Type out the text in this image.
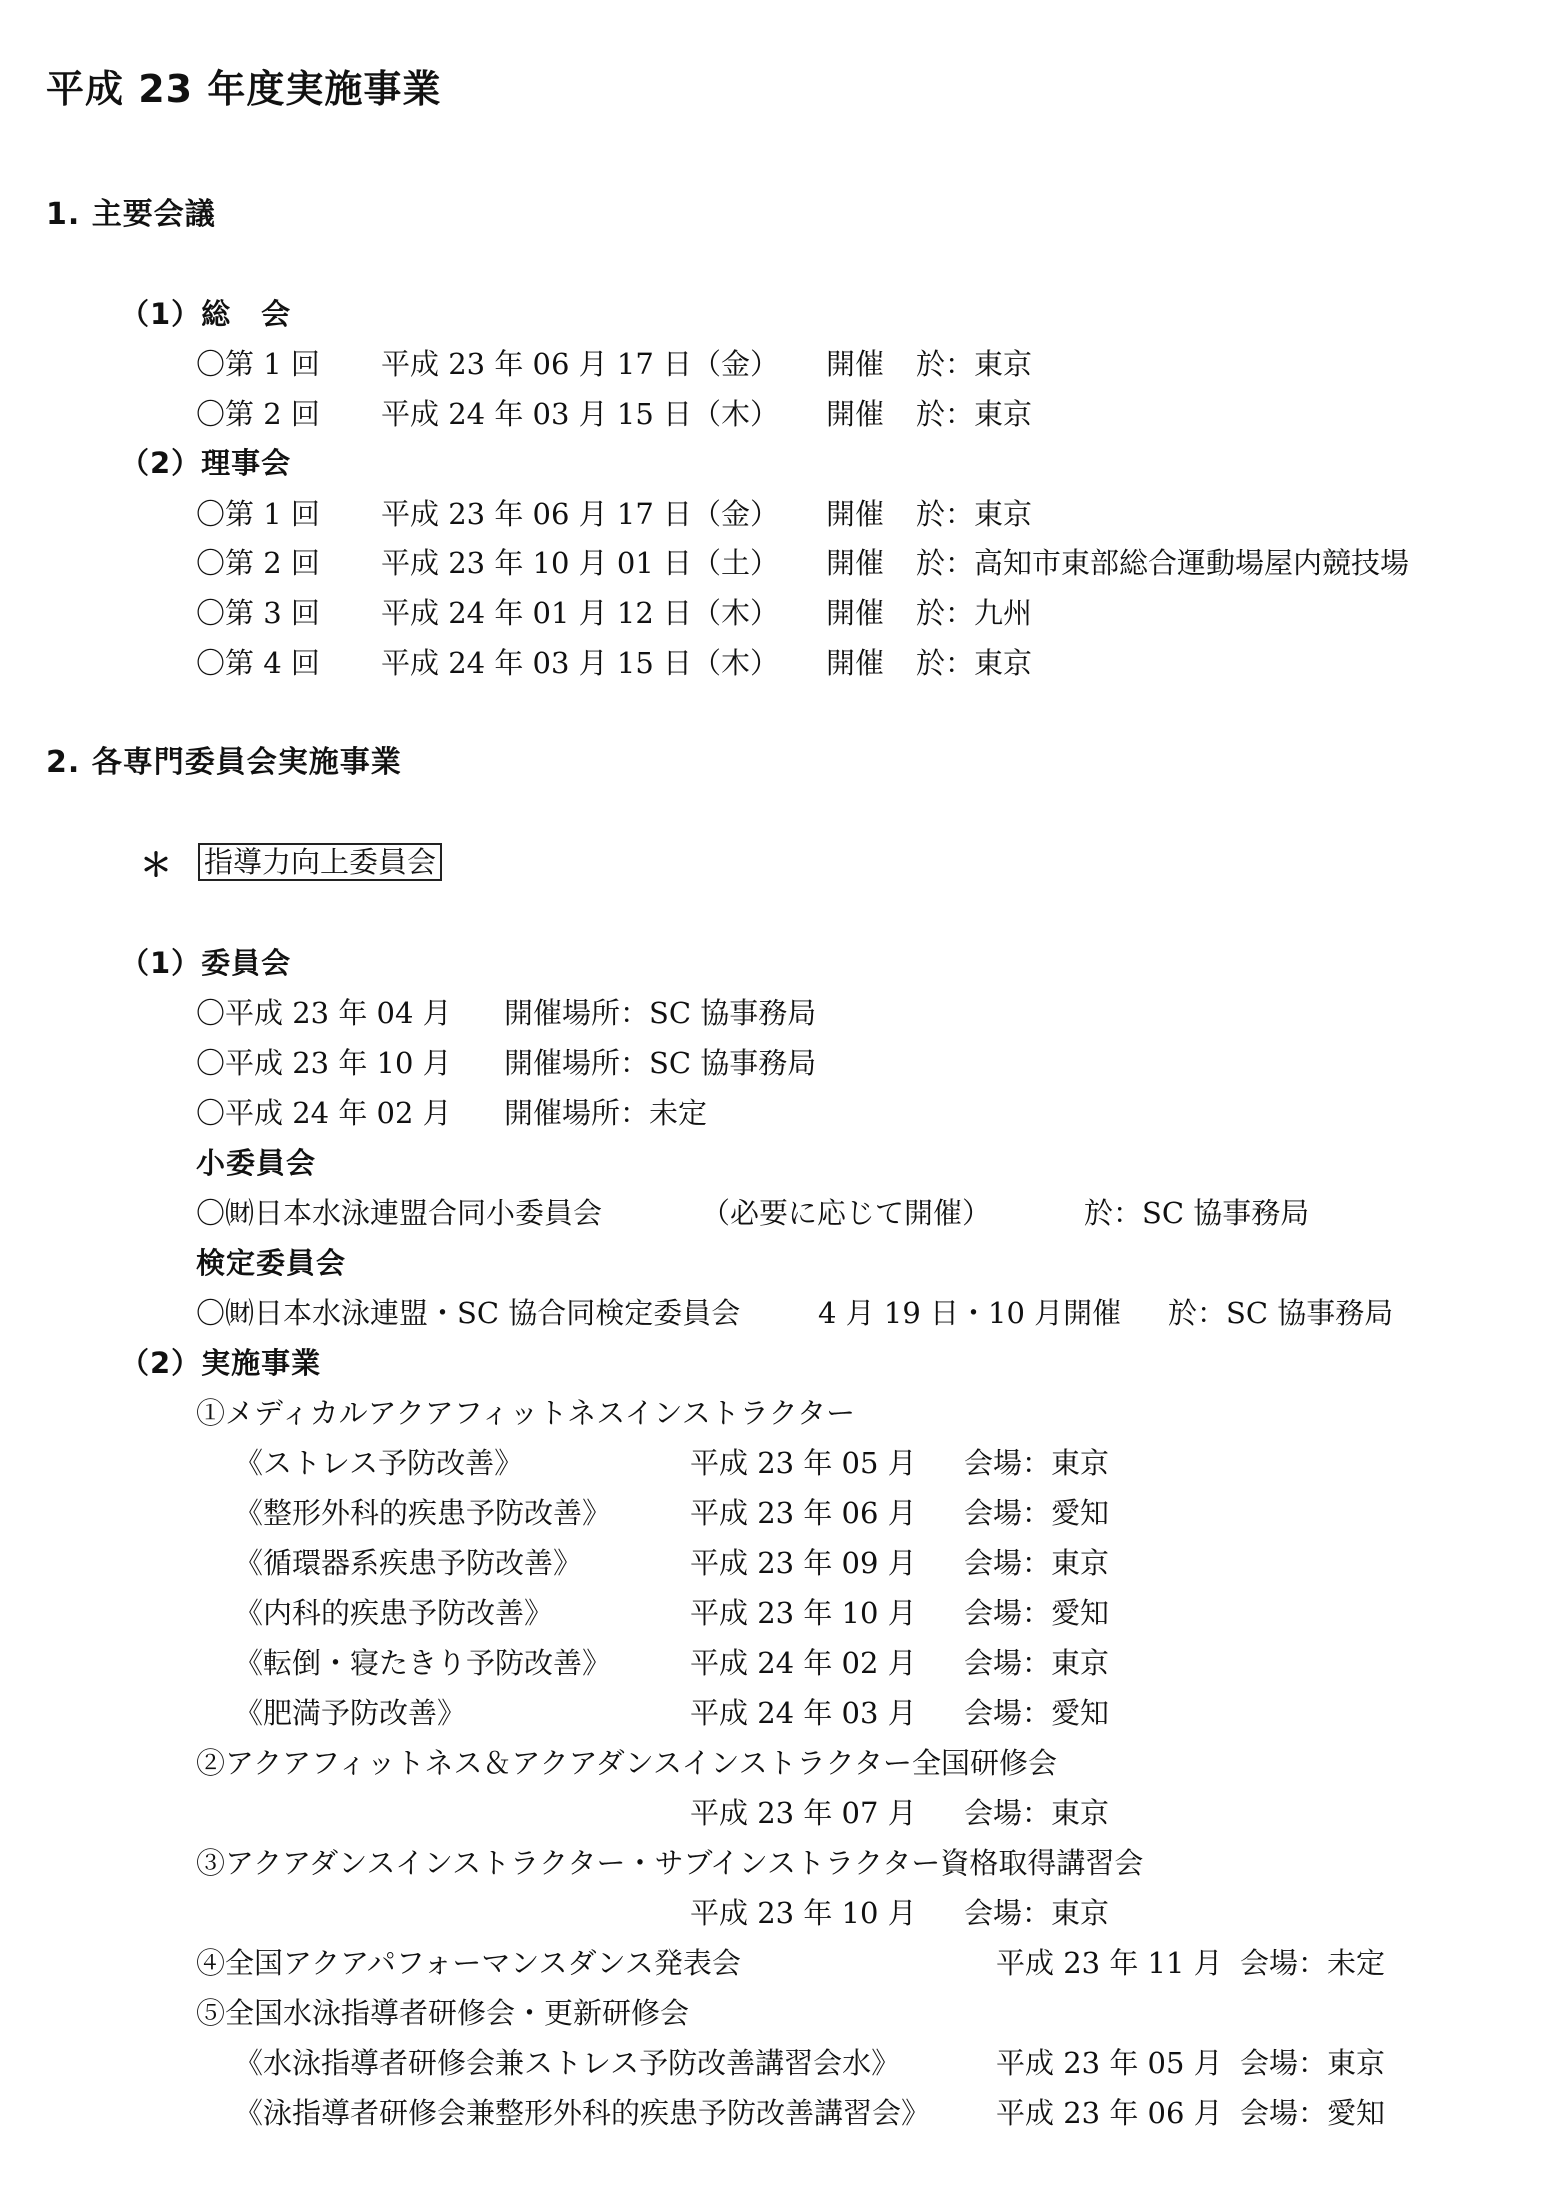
平成 23 年度実施事業
1. 主要会議
（1）総　会
〇第 1 回 平成 23 年 06 月 17 日（金） 開催 於：東京
〇第 2 回 平成 24 年 03 月 15 日（木） 開催 於：東京
（2）理事会
〇第 1 回 平成 23 年 06 月 17 日（金） 開催 於：東京
〇第 2 回 平成 23 年 10 月 01 日（土） 開催 於：高知市東部総合運動場屋内競技場
〇第 3 回 平成 24 年 01 月 12 日（木） 開催 於：九州
〇第 4 回 平成 24 年 03 月 15 日（木） 開催 於：東京
2. 各専門委員会実施事業
＊ 指導力向上委員会
（1）委員会
〇平成 23 年 04 月 開催場所：SC 協事務局
〇平成 23 年 10 月 開催場所：SC 協事務局
〇平成 24 年 02 月 開催場所：未定
小委員会
〇㈶日本水泳連盟合同小委員会	（必要に応じて開催）	於：SC 協事務局
検定委員会
〇㈶日本水泳連盟・SC 協合同検定委員会	4 月 19 日・10 月開催 於：SC 協事務局
（2）実施事業
①メディカルアクアフィットネスインストラクター
《ストレス予防改善》	平成 23 年 05 月 会場：東京
《整形外科的疾患予防改善》	平成 23 年 06 月 会場：愛知
《循環器系疾患予防改善》	平成 23 年 09 月 会場：東京
《内科的疾患予防改善》	平成 23 年 10 月 会場：愛知
《転倒・寝たきり予防改善》	平成 24 年 02 月 会場：東京
《肥満予防改善》	平成 24 年 03 月 会場：愛知
②アクアフィットネス＆アクアダンスインストラクター全国研修会
平成 23 年 07 月 会場：東京
③アクアダンスインストラクター・サブインストラクター資格取得講習会
平成 23 年 10 月 会場：東京
④全国アクアパフォーマンスダンス発表会	平成 23 年 11 月 会場：未定
⑤全国水泳指導者研修会・更新研修会
《水泳指導者研修会兼ストレス予防改善講習会水》	平成 23 年 05 月 会場：東京
《泳指導者研修会兼整形外科的疾患予防改善講習会》 平成 23 年 06 月 会場：愛知
